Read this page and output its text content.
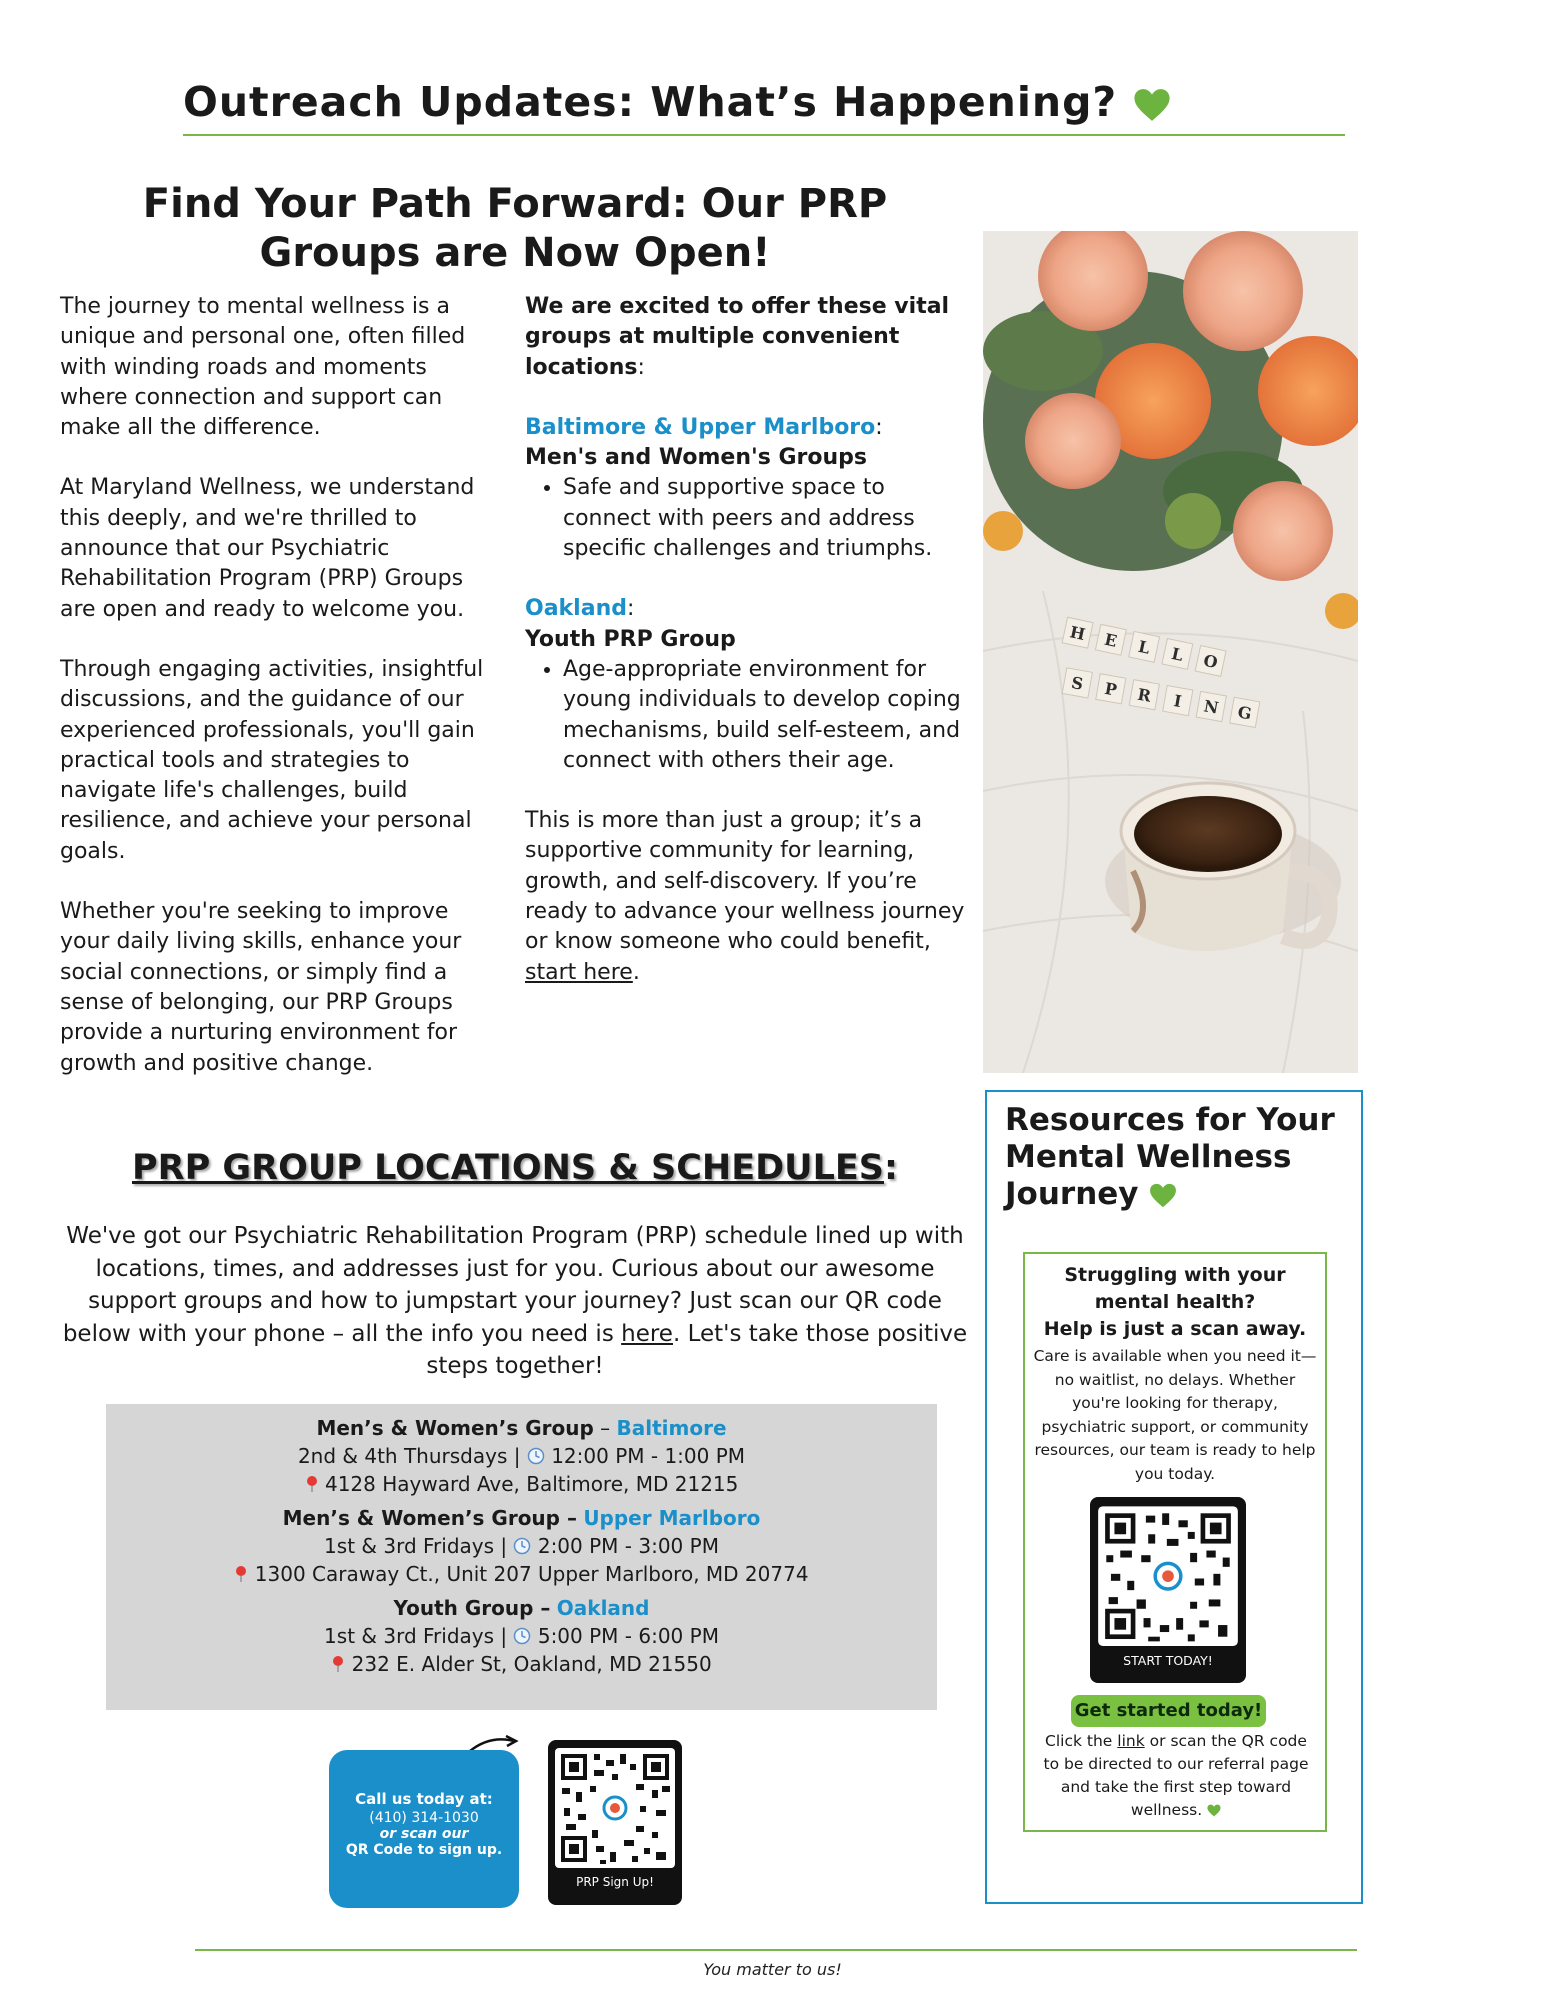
Outreach Updates: What’s Happening?
Find Your Path Forward: Our PRP
Groups are Now Open!

The journey to mental wellness is a unique and personal one, often filled with winding roads and moments where connection and support can make all the difference.

At Maryland Wellness, we understand this deeply, and we're thrilled to announce that our Psychiatric Rehabilitation Program (PRP) Groups are open and ready to welcome you.

Through engaging activities, insightful discussions, and the guidance of our experienced professionals, you'll gain practical tools and strategies to navigate life's challenges, build resilience, and achieve your personal goals.

Whether you're seeking to improve your daily living skills, enhance your social connections, or simply find a sense of belonging, our PRP Groups provide a nurturing environment for growth and positive change.

We are excited to offer these vital groups at multiple convenient locations:

Baltimore & Upper Marlboro:

Men's and Women's Groups

• Safe and supportive space to connect with peers and address specific challenges and triumphs.

Oakland:

Youth PRP Group

• Age-appropriate environment for young individuals to develop coping mechanisms, build self-esteem, and connect with others their age.

This is more than just a group; it’s a supportive community for learning, growth, and self-discovery. If you’re ready to advance your wellness journey or know someone who could benefit, start here.

H E L L O
S P R I N G
PRP GROUP LOCATIONS & SCHEDULES:
We've got our Psychiatric Rehabilitation Program (PRP) schedule lined up with locations, times, and addresses just for you. Curious about our awesome support groups and how to jumpstart your journey? Just scan our QR code below with your phone – all the info you need is here. Let's take those positive steps together!
Men’s & Women’s Group – Baltimore
2nd & 4th Thursdays | 12:00 PM - 1:00 PM
4128 Hayward Ave, Baltimore, MD 21215
Men’s & Women’s Group – Upper Marlboro
1st & 3rd Fridays | 2:00 PM - 3:00 PM
1300 Caraway Ct., Unit 207 Upper Marlboro, MD 20774
Youth Group – Oakland
1st & 3rd Fridays | 5:00 PM - 6:00 PM
232 E. Alder St, Oakland, MD 21550
Call us today at:
(410) 314-1030
or scan our
QR Code to sign up.
PRP Sign Up!
Resources for Your
Mental Wellness
Journey
Struggling with your
mental health?
Help is just a scan away.
Care is available when you need it—no waitlist, no delays. Whether you're looking for therapy, psychiatric support, or community resources, our team is ready to help you today.
START TODAY!
Get started today!
Click the link or scan the QR code to be directed to our referral page and take the first step toward wellness.
You matter to us!
